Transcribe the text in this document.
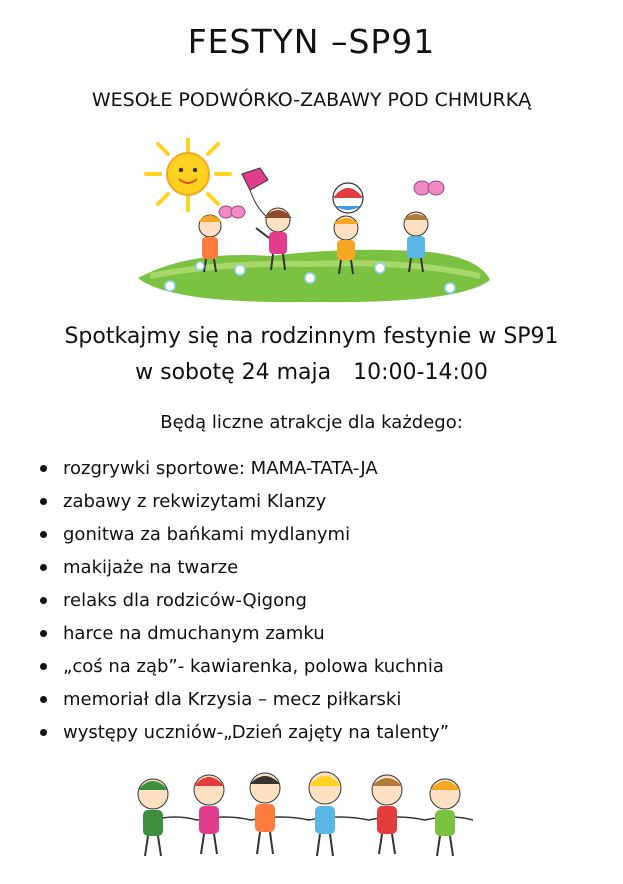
FESTYN –SP91
WESOŁE PODWÓRKO-ZABAWY POD CHMURKĄ
Spotkajmy się na rodzinnym festynie w SP91
w sobotę 24 maja 10:00-14:00
Będą liczne atrakcje dla każdego:
rozgrywki sportowe: MAMA-TATA-JA
zabawy z rekwizytami Klanzy
gonitwa za bańkami mydlanymi
makijaże na twarze
relaks dla rodziców-Qigong
harce na dmuchanym zamku
„coś na ząb”- kawiarenka, polowa kuchnia
memoriał dla Krzysia – mecz piłkarski
występy uczniów-„Dzień zajęty na talenty”
